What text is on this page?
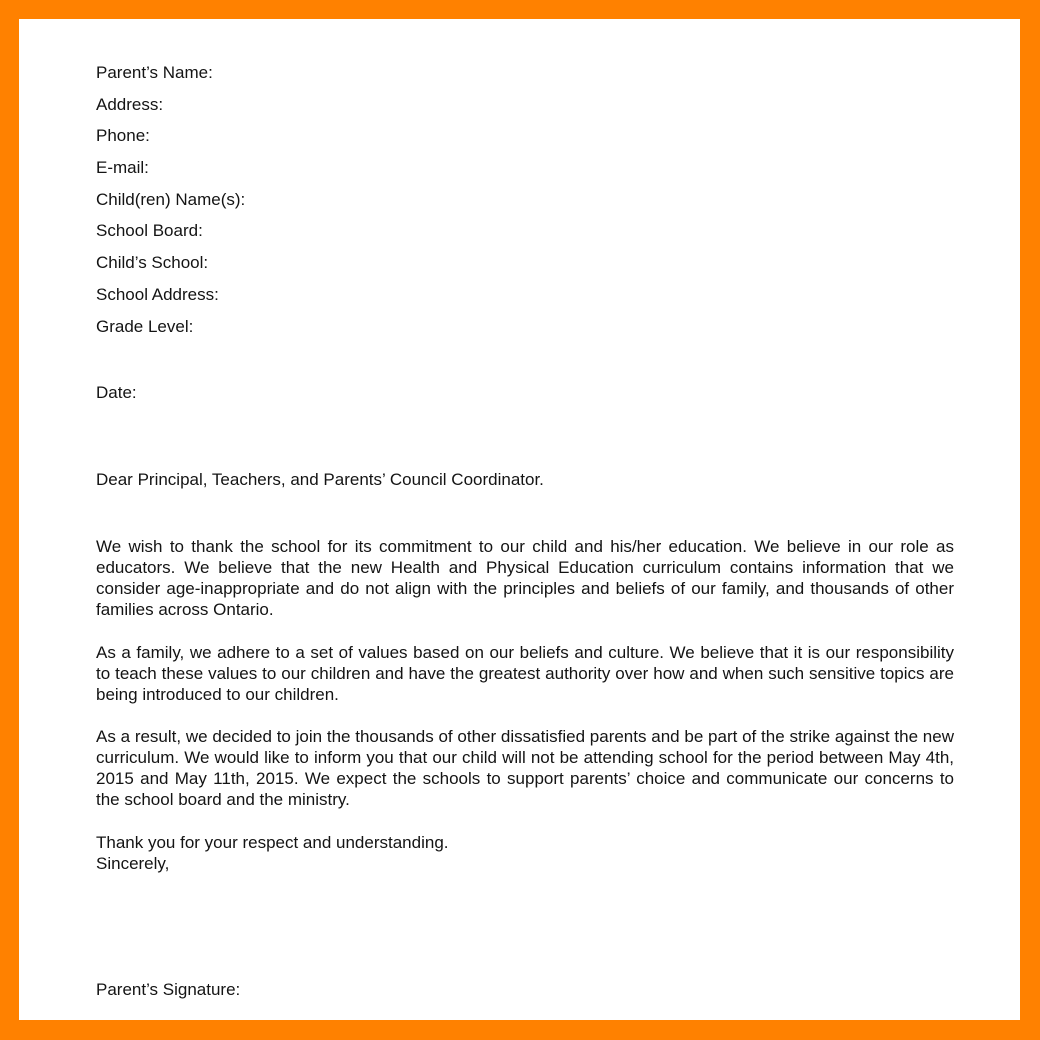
Parent’s Name:
Address:
Phone:
E-mail:
Child(ren) Name(s):
School Board:
Child’s School:
School Address:
Grade Level:
Date:
Dear Principal, Teachers, and Parents’ Council Coordinator.

We wish to thank the school for its commitment to our child and his/her education. We believe in our role as educators. We believe that the new Health and Physical Education curriculum contains information that we consider age-inappropriate and do not align with the principles and beliefs of our family, and thousands of other families across Ontario.

As a family, we adhere to a set of values based on our beliefs and culture. We believe that it is our responsibility to teach these values to our children and have the greatest authority over how and when such sensitive topics are being introduced to our children.

As a result, we decided to join the thousands of other dissatisfied parents and be part of the strike against the new curriculum. We would like to inform you that our child will not be attending school for the period between May 4th, 2015 and May 11th, 2015. We expect the schools to support parents’ choice and communicate our concerns to the school board and the ministry.

Thank you for your respect and understanding.
Sincerely,
Parent’s Signature:
